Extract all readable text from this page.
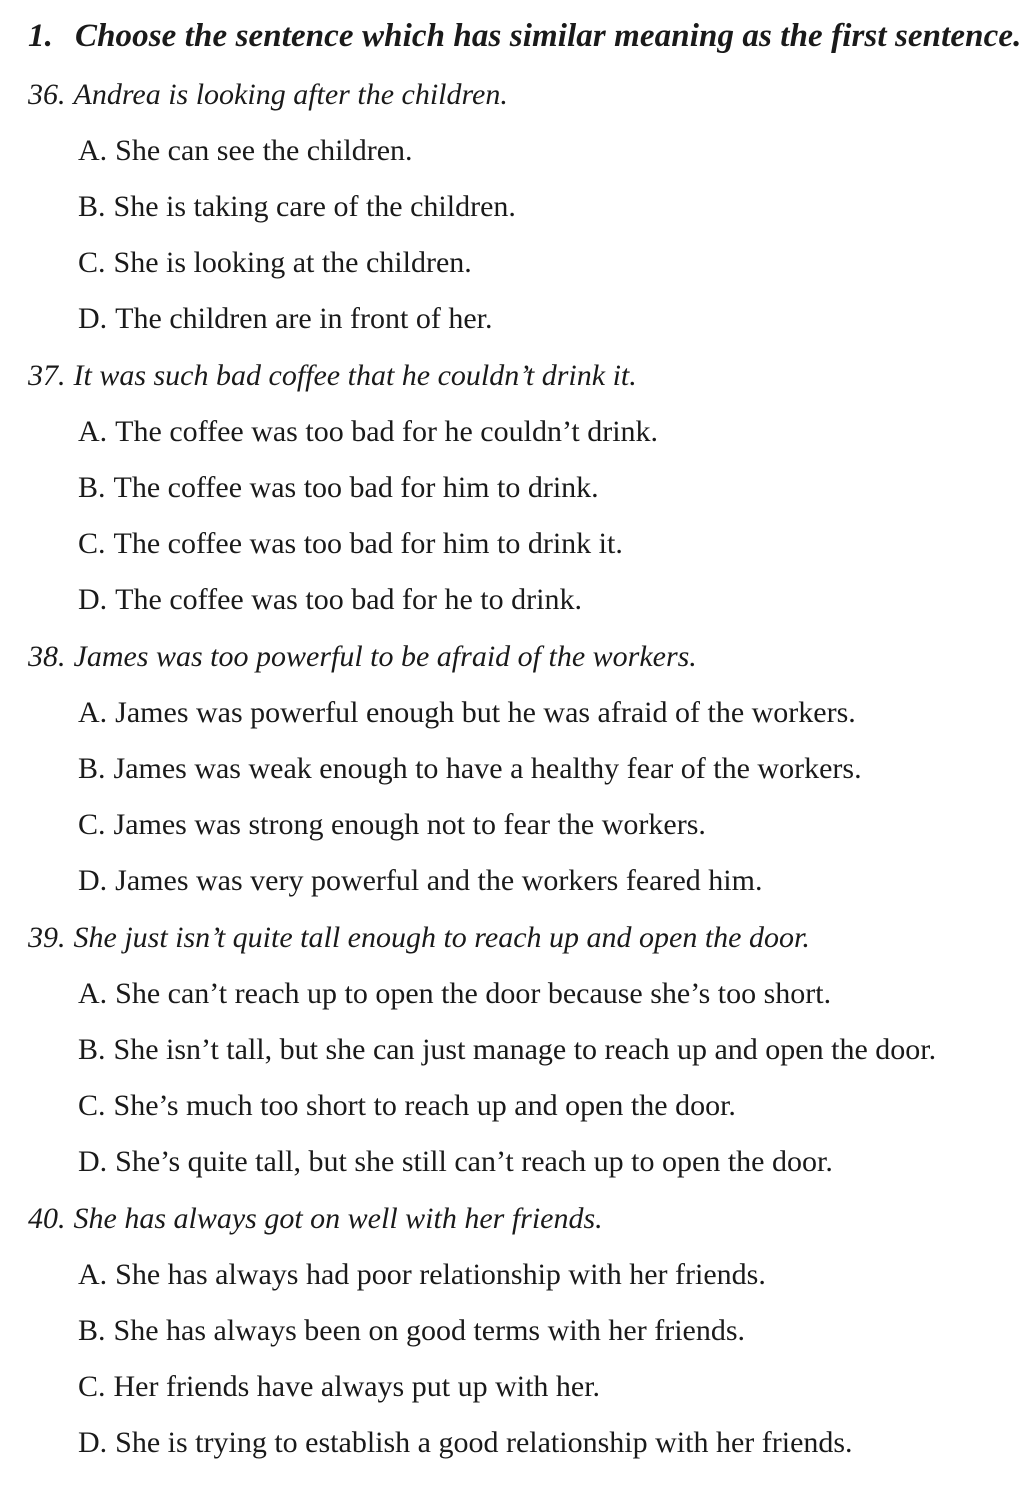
1. Choose the sentence which has similar meaning as the first sentence.
36. Andrea is looking after the children.
A. She can see the children.
B. She is taking care of the children.
C. She is looking at the children.
D. The children are in front of her.
37. It was such bad coffee that he couldn’t drink it.
A. The coffee was too bad for he couldn’t drink.
B. The coffee was too bad for him to drink.
C. The coffee was too bad for him to drink it.
D. The coffee was too bad for he to drink.
38. James was too powerful to be afraid of the workers.
A. James was powerful enough but he was afraid of the workers.
B. James was weak enough to have a healthy fear of the workers.
C. James was strong enough not to fear the workers.
D. James was very powerful and the workers feared him.
39. She just isn’t quite tall enough to reach up and open the door.
A. She can’t reach up to open the door because she’s too short.
B. She isn’t tall, but she can just manage to reach up and open the door.
C. She’s much too short to reach up and open the door.
D. She’s quite tall, but she still can’t reach up to open the door.
40. She has always got on well with her friends.
A. She has always had poor relationship with her friends.
B. She has always been on good terms with her friends.
C. Her friends have always put up with her.
D. She is trying to establish a good relationship with her friends.
